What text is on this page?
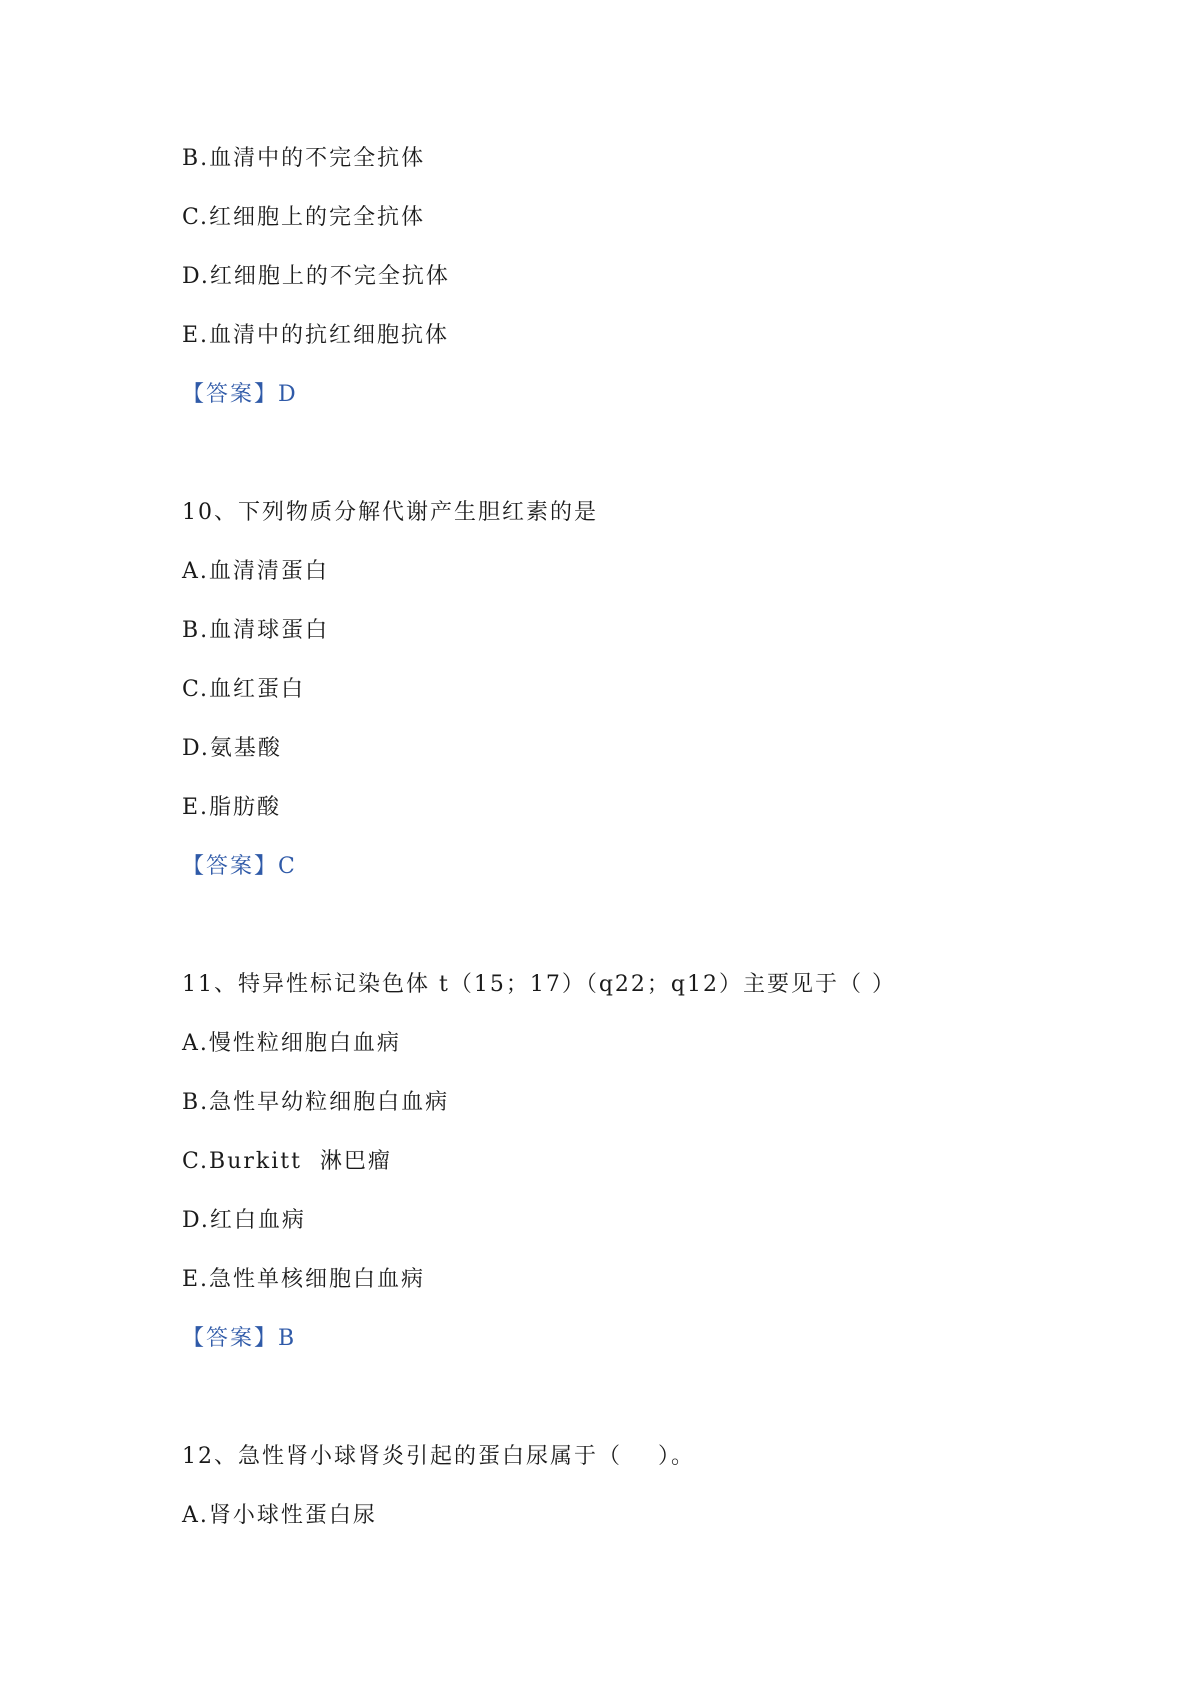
B.血清中的不完全抗体
C.红细胞上的完全抗体
D.红细胞上的不完全抗体
E.血清中的抗红细胞抗体
【答案】D
10、下列物质分解代谢产生胆红素的是
A.血清清蛋白
B.血清球蛋白
C.血红蛋白
D.氨基酸
E.脂肪酸
【答案】C
11、特异性标记染色体 t（15；17）（q22；q12）主要见于（ ）
A.慢性粒细胞白血病
B.急性早幼粒细胞白血病
C.Burkitt  淋巴瘤
D.红白血病
E.急性单核细胞白血病
【答案】B
12、急性肾小球肾炎引起的蛋白尿属于（    ）。
A.肾小球性蛋白尿
